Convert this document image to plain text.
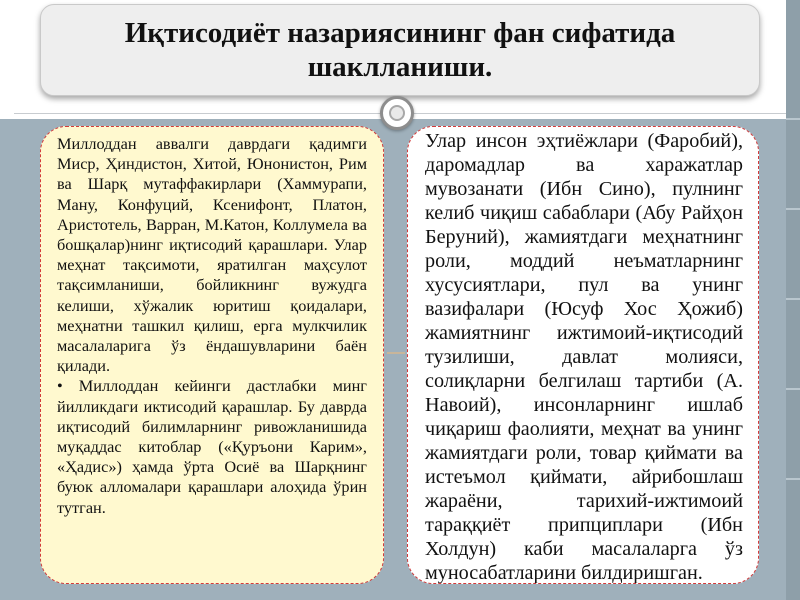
Иқтисодиёт назариясининг фан сифатида
шаклланиши.

Миллоддан аввалги даврдаги қадимги Миср, Ҳиндистон, Хитой, Юнонистон, Рим ва Шарқ мутаффакирлари (Хаммурапи, Ману, Конфуций, Ксенифонт, Платон, Аристотель, Варран, М.Катон, Коллумела ва бошқалар)нинг иқтисодий қарашлари. Улар меҳнат тақсимоти, яратилган маҳсулот тақсимланиши, бойликнинг вужудга келиши, хўжалик юритиш қоидалари, меҳнатни ташкил қилиш, ерга мулкчилик масалаларига ўз ёндашувларини баён қилади.

• Миллоддан кейинги дастлабки минг йилликдаги иктисодий қарашлар. Бу даврда иқтисодий билимларнинг ривожланишида муқаддас китоблар («Қуръони Карим», «Ҳадис») ҳамда ўрта Осиё ва Шарқнинг буюк алломалари қарашлари алоҳида ўрин тутган.

Улар инсон эҳтиёжлари (Фаробий), даромадлар ва харажатлар мувозанати (Ибн Сино), пулнинг келиб чиқиш сабаблари (Абу Райҳон Беруний), жамиятдаги меҳнатнинг роли, моддий неъматларнинг хусусиятлари, пул ва унинг вазифалари (Юсуф Хос Ҳожиб) жамиятнинг ижтимоий-иқтисодий тузилиши, давлат молияси, солиқларни белгилаш тартиби (А. Навоий), инсонларнинг ишлаб чиқариш фаолияти, меҳнат ва унинг жамиятдаги роли, товар қиймати ва истеъмол қиймати, айрибошлаш жараёни, тарихий-ижтимоий тараққиёт припциплари (Ибн Холдун) каби масалаларга ўз муносабатларини билдиришган.
